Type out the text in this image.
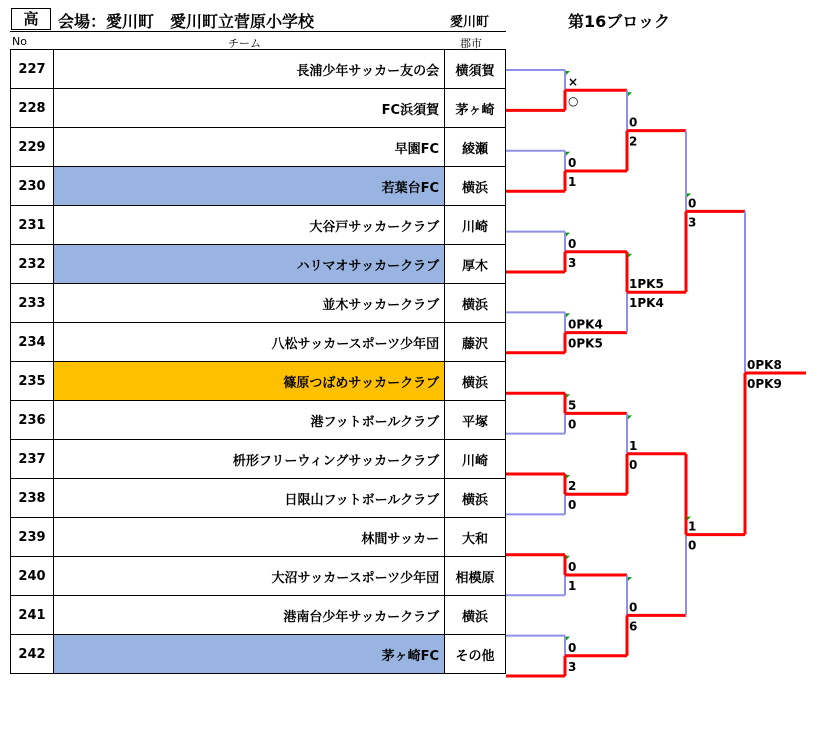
高	会場：愛川町　愛川町立菅原小学校	愛川町	第16ブロック
No	チーム	郡市
227	長浦少年サッカー友の会	横須賀
228	FC浜須賀	茅ヶ崎
229	早園FC	綾瀬
230	若葉台FC	横浜
231	大谷戸サッカークラブ	川崎
232	ハリマオサッカークラブ	厚木
233	並木サッカークラブ	横浜
234	八松サッカースポーツ少年団	藤沢
235	篠原つばめサッカークラブ	横浜
236	港フットボールクラブ	平塚
237	枡形フリーウィングサッカークラブ	川崎
238	日限山フットボールクラブ	横浜
239	林間サッカー	大和
240	大沼サッカースポーツ少年団	相模原
241	港南台少年サッカークラブ	横浜
242	茅ヶ崎FC	その他
×
○
0
1
0
3
0PK4
0PK5
5
0
2
0
0
1
0
3
0
2
1PK5
1PK4
1
0
0
6
0
3
1
0
0PK8
0PK9
